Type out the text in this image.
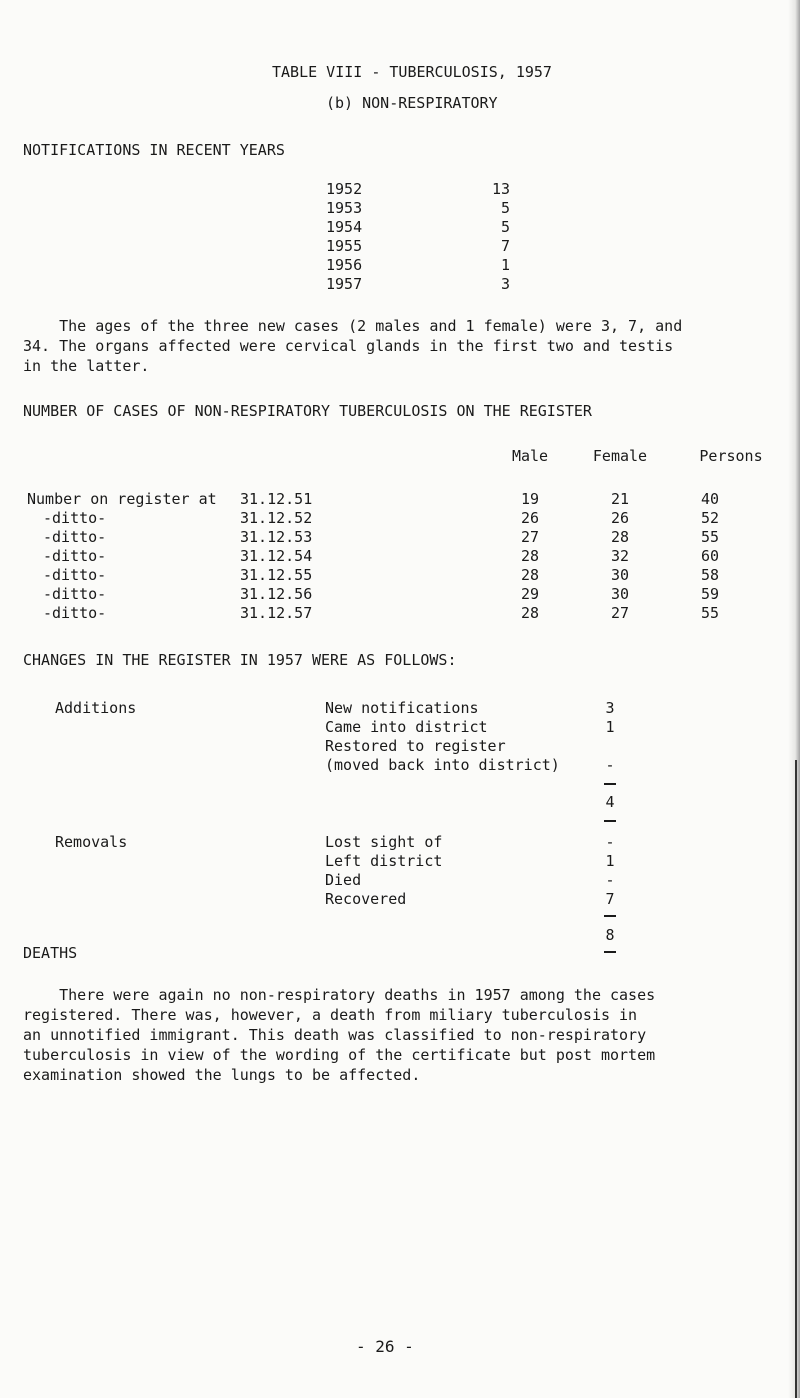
TABLE VIII - TUBERCULOSIS, 1957
(b) NON-RESPIRATORY
NOTIFICATIONS IN RECENT YEARS
1952	13
1953	5
1954	5
1955	7
1956	1
1957	3
The ages of the three new cases (2 males and 1 female) were 3, 7, and
34. The organs affected were cervical glands in the first two and testis
in the latter.
NUMBER OF CASES OF NON-RESPIRATORY TUBERCULOSIS ON THE REGISTER
Male	Female	Persons
Number on register at 31.12.51	19	21	40
-ditto-	31.12.52	26	26	52
-ditto-	31.12.53	27	28	55
-ditto-	31.12.54	28	32	60
-ditto-	31.12.55	28	30	58
-ditto-	31.12.56	29	30	59
-ditto-	31.12.57	28	27	55
CHANGES IN THE REGISTER IN 1957 WERE AS FOLLOWS:
Additions	New notifications	3
Came into district	1
Restored to register
(moved back into district)	-
4
Removals	Lost sight of	-
Left district	1
Died	-
Recovered	7
8
DEATHS
There were again no non-respiratory deaths in 1957 among the cases
registered. There was, however, a death from miliary tuberculosis in
an unnotified immigrant. This death was classified to non-respiratory
tuberculosis in view of the wording of the certificate but post mortem
examination showed the lungs to be affected.
- 26 -
